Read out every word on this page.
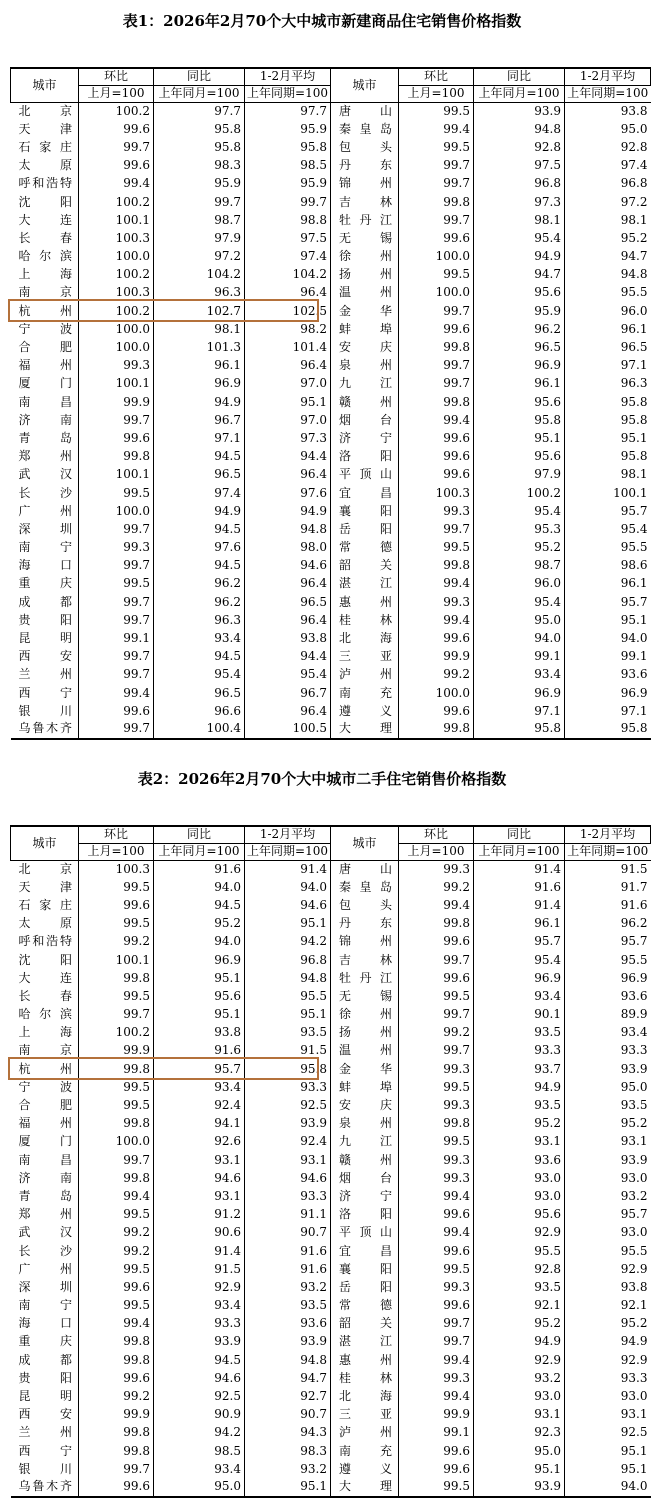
表1：2026年2月70个大中城市新建商品住宅销售价格指数
城市	环比	同比	1-2月平均	城市	环比	同比	1-2月平均
	上月=100	上年同月=100	上年同期=100		上月=100	上年同月=100	上年同期=100
北　京	100.2	97.7	97.7	唐　山	99.5	93.9	93.8
天　津	99.6	95.8	95.9	秦皇岛	99.4	94.8	95.0
石家庄	99.7	95.8	95.8	包　头	99.5	92.8	92.8
太　原	99.6	98.3	98.5	丹　东	99.7	97.5	97.4
呼和浩特	99.4	95.9	95.9	锦　州	99.7	96.8	96.8
沈　阳	100.2	99.7	99.7	吉　林	99.8	97.3	97.2
大　连	100.1	98.7	98.8	牡丹江	99.7	98.1	98.1
长　春	100.3	97.9	97.5	无　锡	99.6	95.4	95.2
哈尔滨	100.0	97.2	97.4	徐　州	100.0	94.9	94.7
上　海	100.2	104.2	104.2	扬　州	99.5	94.7	94.8
南　京	100.3	96.3	96.4	温　州	100.0	95.6	95.5
杭　州	100.2	102.7	102.5	金　华	99.7	95.9	96.0
宁　波	100.0	98.1	98.2	蚌　埠	99.6	96.2	96.1
合　肥	100.0	101.3	101.4	安　庆	99.8	96.5	96.5
福　州	99.3	96.1	96.4	泉　州	99.7	96.9	97.1
厦　门	100.1	96.9	97.0	九　江	99.7	96.1	96.3
南　昌	99.9	94.9	95.1	赣　州	99.8	95.6	95.8
济　南	99.7	96.7	97.0	烟　台	99.4	95.8	95.8
青　岛	99.6	97.1	97.3	济　宁	99.6	95.1	95.1
郑　州	99.8	94.5	94.4	洛　阳	99.6	95.6	95.8
武　汉	100.1	96.5	96.4	平顶山	99.6	97.9	98.1
长　沙	99.5	97.4	97.6	宜　昌	100.3	100.2	100.1
广　州	100.0	94.9	94.9	襄　阳	99.3	95.4	95.7
深　圳	99.7	94.5	94.8	岳　阳	99.7	95.3	95.4
南　宁	99.3	97.6	98.0	常　德	99.5	95.2	95.5
海　口	99.7	94.5	94.6	韶　关	99.8	98.7	98.6
重　庆	99.5	96.2	96.4	湛　江	99.4	96.0	96.1
成　都	99.7	96.2	96.5	惠　州	99.3	95.4	95.7
贵　阳	99.7	96.3	96.4	桂　林	99.4	95.0	95.1
昆　明	99.1	93.4	93.8	北　海	99.6	94.0	94.0
西　安	99.7	94.5	94.4	三　亚	99.9	99.1	99.1
兰　州	99.7	95.4	95.4	泸　州	99.2	93.4	93.6
西　宁	99.4	96.5	96.7	南　充	100.0	96.9	96.9
银　川	99.6	96.6	96.4	遵　义	99.6	97.1	97.1
乌鲁木齐	99.7	100.4	100.5	大　理	99.8	95.8	95.8
表2：2026年2月70个大中城市二手住宅销售价格指数
城市	环比	同比	1-2月平均	城市	环比	同比	1-2月平均
	上月=100	上年同月=100	上年同期=100		上月=100	上年同月=100	上年同期=100
北　京	100.3	91.6	91.4	唐　山	99.3	91.4	91.5
天　津	99.5	94.0	94.0	秦皇岛	99.2	91.6	91.7
石家庄	99.6	94.5	94.6	包　头	99.4	91.4	91.6
太　原	99.5	95.2	95.1	丹　东	99.8	96.1	96.2
呼和浩特	99.2	94.0	94.2	锦　州	99.6	95.7	95.7
沈　阳	100.1	96.9	96.8	吉　林	99.7	95.4	95.5
大　连	99.8	95.1	94.8	牡丹江	99.6	96.9	96.9
长　春	99.5	95.6	95.5	无　锡	99.5	93.4	93.6
哈尔滨	99.7	95.1	95.1	徐　州	99.7	90.1	89.9
上　海	100.2	93.8	93.5	扬　州	99.2	93.5	93.4
南　京	99.9	91.6	91.5	温　州	99.7	93.3	93.3
杭　州	99.8	95.7	95.8	金　华	99.3	93.7	93.9
宁　波	99.5	93.4	93.3	蚌　埠	99.5	94.9	95.0
合　肥	99.5	92.4	92.5	安　庆	99.3	93.5	93.5
福　州	99.8	94.1	93.9	泉　州	99.8	95.2	95.2
厦　门	100.0	92.6	92.4	九　江	99.5	93.1	93.1
南　昌	99.7	93.1	93.1	赣　州	99.3	93.6	93.9
济　南	99.8	94.6	94.6	烟　台	99.3	93.0	93.0
青　岛	99.4	93.1	93.3	济　宁	99.4	93.0	93.2
郑　州	99.5	91.2	91.1	洛　阳	99.6	95.6	95.7
武　汉	99.2	90.6	90.7	平顶山	99.4	92.9	93.0
长　沙	99.2	91.4	91.6	宜　昌	99.6	95.5	95.5
广　州	99.5	91.5	91.6	襄　阳	99.5	92.8	92.9
深　圳	99.6	92.9	93.2	岳　阳	99.3	93.5	93.8
南　宁	99.5	93.4	93.5	常　德	99.6	92.1	92.1
海　口	99.4	93.3	93.6	韶　关	99.7	95.2	95.2
重　庆	99.8	93.9	93.9	湛　江	99.7	94.9	94.9
成　都	99.8	94.5	94.8	惠　州	99.4	92.9	92.9
贵　阳	99.6	94.6	94.7	桂　林	99.3	93.2	93.3
昆　明	99.2	92.5	92.7	北　海	99.4	93.0	93.0
西　安	99.9	90.9	90.7	三　亚	99.9	93.1	93.1
兰　州	99.8	94.2	94.3	泸　州	99.1	92.3	92.5
西　宁	99.8	98.5	98.3	南　充	99.6	95.0	95.1
银　川	99.7	93.4	93.2	遵　义	99.6	95.1	95.1
乌鲁木齐	99.6	95.0	95.1	大　理	99.5	93.9	94.0
